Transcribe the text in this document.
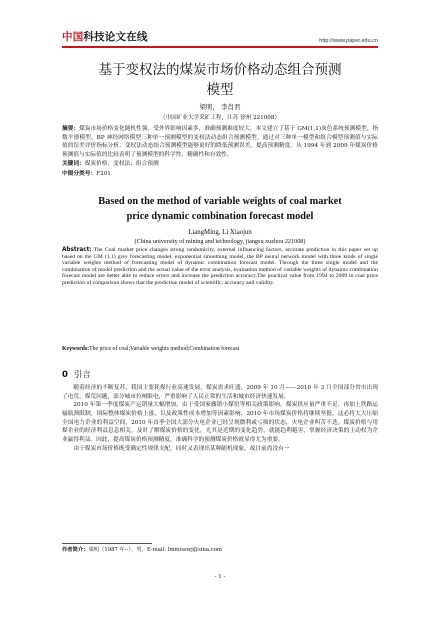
中国科技论文在线	http://www.paper.edu.cn
基于变权法的煤炭市场价格动态组合预测
模型
梁明， 李肖君
（中国矿业大学采矿工程，江苏 徐州 221008）
摘要：煤炭市场价格变化随机性强、受外界影响因素多，准确预测难度较大。本文建立了基于 GM(1,1)灰色系统预测模型、指数平滑模型、BP 神经网络模型三种单一预测模型的变权法动态组合预测模型。通过对三种单一模型和组合模型预测值与实际值的误差评价指标分析，变权法动态组合预测模型能够更好的降低预测误差，提高预测精度。从 1994 年到 2009 年煤炭价格预测值与实际值的比较表明了预测模型的科学性、精确性和有效性。
关键词：煤炭价格；变权法；组合预测
中图分类号：F201
Based on the method of variable weights of coal market
price dynamic combination forecast model
LiangMing, Li Xiaojun
(China university of mining and technology, jiangsu xuzhou 221008)
Abstract: The Coal market price changes strong randomicity, external influencing factors, accurate prediction in this paper set up based on the GM (1,1) grey forecasting model, exponential smoothing model, the BP neural network model with three kinds of single variable weights method of forecasting model of dynamic combination forecast model. Through the three single model and the combination of model prediction and the actual value of the error analysis, evaluation method of variable weights of dynamic combination forecast model are better able to reduce errors and increase the prediction accuracy.The practical value from 1994 to 2009 in coal price prediction of comparison shows that the prediction model of scientific, accuracy and validity.
Keywords:The price of coal;Variable weights method;Combination forecast
0 引言

随着经济的不断复苏，我国主要耗煤行业高速发展，煤炭需求旺盛，2009 年 10 月——2010 年 3 月全国部分省市出现了电荒、煤荒问题，部分城市拉闸限电，严重影响了人民正常的生活和城市经济快速发展。

2010 年第一季度煤炭产运销量大幅增加，由于受国家撤销小煤窑等相关政策影响，煤炭供应量严重不足。再加上铁路运输瓶颈限制，国际整体煤炭价格上涨，以及政策性成本增加等因素影响，2010 年市场煤炭价格将继续坚挺，这必将大大压缩全国电力企业的利益空间，2010 年首季全国大部分火电企业已经呈现微利或亏损的状态，火电企业叫苦不迭。煤炭价格与用煤企业的经济利益息息相关，及时了解煤炭价格的变化，尤其是近期的变化趋势，就能趋利避害，掌握经济决策的主动权为企业赢得利益。因此，提高煤炭价格预测精度，准确科学的预测煤炭价格就显得尤为重要。

由于煤炭市场价格既受确定性规律支配，同时又表现出某种随机现象，故目前尚没有一

作者简介：梁明（1987 年--），男，E-mail: lmmisswj@sina.com
- 1 -
